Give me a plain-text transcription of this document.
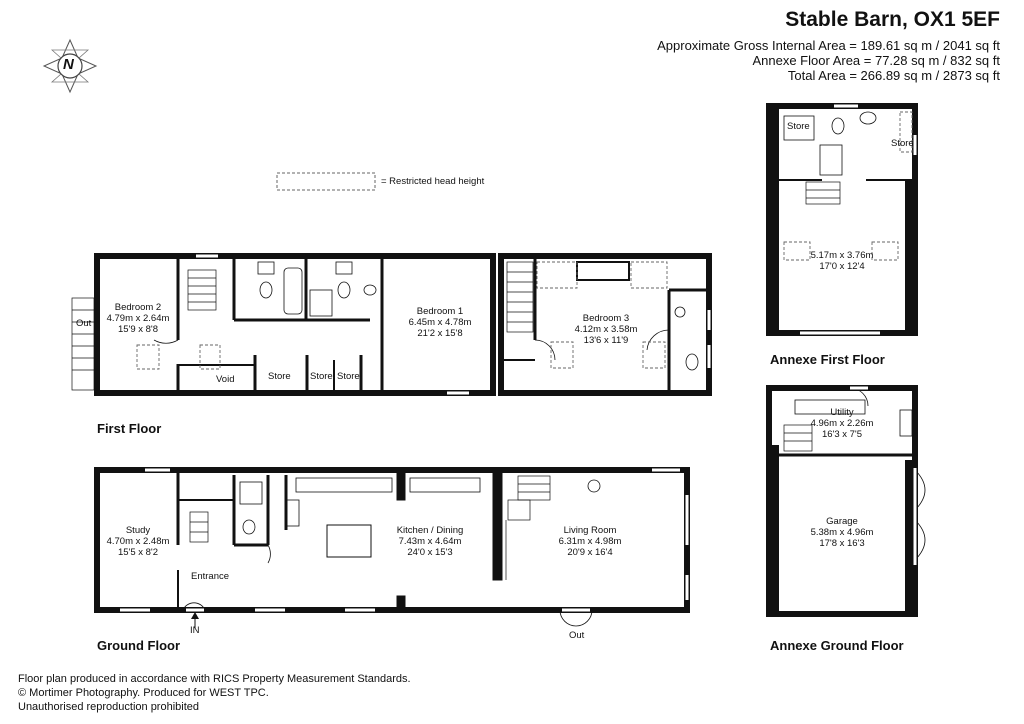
Stable Barn, OX1 5EF
Approximate Gross Internal Area = 189.61 sq m / 2041 sq ft
Annexe Floor Area = 77.28 sq m / 832 sq ft
Total Area = 266.89 sq m / 2873 sq ft
N
= Restricted head height
First Floor
Ground Floor
Annexe First Floor
Annexe Ground Floor
Bedroom 2
4.79m x 2.64m
15'9 x 8'8
Bedroom 1
6.45m x 4.78m
21'2 x 15'8
Bedroom 3
4.12m x 3.58m
13'6 x 11'9
Void	Store Store Store
Out
Study
4.70m x 2.48m
15'5 x 8'2
Kitchen / Dining
7.43m x 4.64m
24'0 x 15'3
Living Room
6.31m x 4.98m
20'9 x 16'4
Entrance
IN	Out
5.17m x 3.76m
17'0 x 12'4
Store
Store
Utility
4.96m x 2.26m
16'3 x 7'5
Garage
5.38m x 4.96m
17'8 x 16'3
Floor plan produced in accordance with RICS Property Measurement Standards.
© Mortimer Photography. Produced for WEST TPC.
Unauthorised reproduction prohibited
